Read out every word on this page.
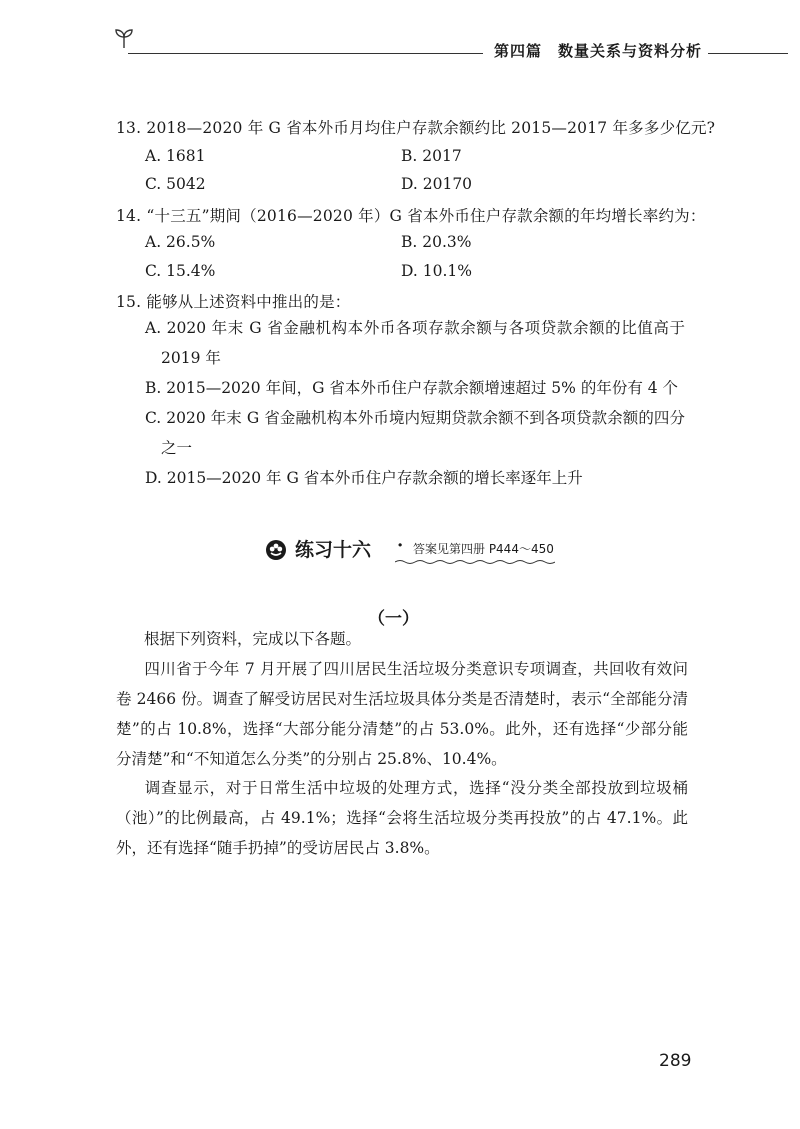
第四篇 数量关系与资料分析
13. 2018—2020 年 G 省本外币月均住户存款余额约比 2015—2017 年多多少亿元?
A. 1681	B. 2017
C. 5042	D. 20170
14. “十三五”期间（2016—2020 年）G 省本外币住户存款余额的年均增长率约为：
A. 26.5%	B. 20.3%
C. 15.4%	D. 10.1%
15. 能够从上述资料中推出的是：
A. 2020 年末 G 省金融机构本外币各项存款余额与各项贷款余额的比值高于
2019 年
B. 2015—2020 年间，G 省本外币住户存款余额增速超过 5% 的年份有 4 个
C. 2020 年末 G 省金融机构本外币境内短期贷款余额不到各项贷款余额的四分
之一
D. 2015—2020 年 G 省本外币住户存款余额的增长率逐年上升
练习十六 · 答案见第四册 P444～450
（一）
根据下列资料，完成以下各题。
四川省于今年 7 月开展了四川居民生活垃圾分类意识专项调查，共回收有效问卷 2466 份。调查了解受访居民对生活垃圾具体分类是否清楚时，表示“全部能分清楚”的占 10.8%，选择“大部分能分清楚”的占 53.0%。此外，还有选择“少部分能分清楚”和“不知道怎么分类”的分别占 25.8%、10.4%。
调查显示，对于日常生活中垃圾的处理方式，选择“没分类全部投放到垃圾桶（池）”的比例最高，占 49.1%；选择“会将生活垃圾分类再投放”的占 47.1%。此外，还有选择“随手扔掉”的受访居民占 3.8%。
289
